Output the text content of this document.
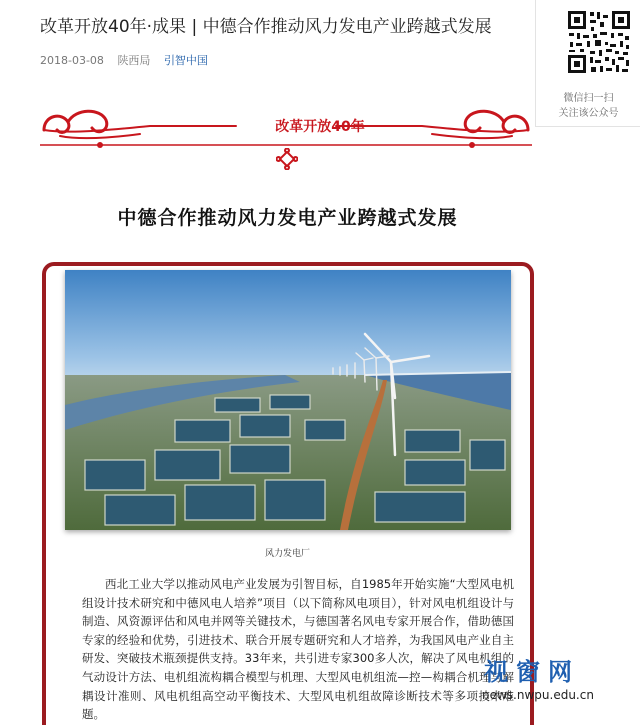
改革开放40年·成果 | 中德合作推动风力发电产业跨越式发展
2018-03-08 陕西局 引智中国
微信扫一扫
关注该公众号
改革开放40年
中德合作推动风力发电产业跨越式发展
风力发电厂

西北工业大学以推动风电产业发展为引智目标，自1985年开始实施“大型风电机组设计技术研究和中德风电人培养”项目（以下简称风电项目），针对风电机组设计与制造、风资源评估和风电并网等关键技术，与德国著名风电专家开展合作，借助德国专家的经验和优势，引进技术、联合开展专题研究和人才培养，为我国风电产业自主研发、突破技术瓶颈提供支持。33年来，共引进专家300多人次，解决了风电机组的气动设计方法、电机组流构耦合模型与机理、大型风电机组流—控—构耦合机理与解耦设计准则、风电机组高空动平衡技术、大型风电机组故障诊断技术等多项技术难题。

视窗网
news.nwpu.edu.cn
